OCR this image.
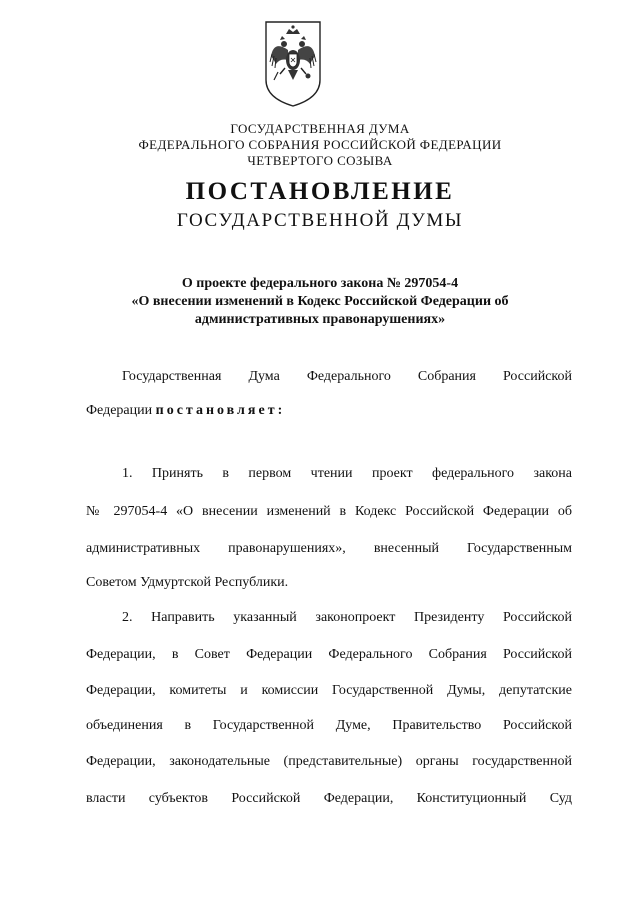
ГОСУДАРСТВЕННАЯ ДУМА
ФЕДЕРАЛЬНОГО СОБРАНИЯ РОССИЙСКОЙ ФЕДЕРАЦИИ
ЧЕТВЕРТОГО СОЗЫВА
ПОСТАНОВЛЕНИЕ
ГОСУДАРСТВЕННОЙ ДУМЫ
О проекте федерального закона № 297054-4
«О внесении изменений в Кодекс Российской Федерации об
административных правонарушениях»
Государственная Дума Федерального Собрания Российской
Федерации постановляет:
1. Принять в первом чтении проект федерального закона
№ 297054-4 «О внесении изменений в Кодекс Российской Федерации об
административных правонарушениях», внесенный Государственным
Советом Удмуртской Республики.
2. Направить указанный законопроект Президенту Российской
Федерации, в Совет Федерации Федерального Собрания Российской
Федерации, комитеты и комиссии Государственной Думы, депутатские
объединения в Государственной Думе, Правительство Российской
Федерации, законодательные (представительные) органы государственной
власти субъектов Российской Федерации, Конституционный Суд
